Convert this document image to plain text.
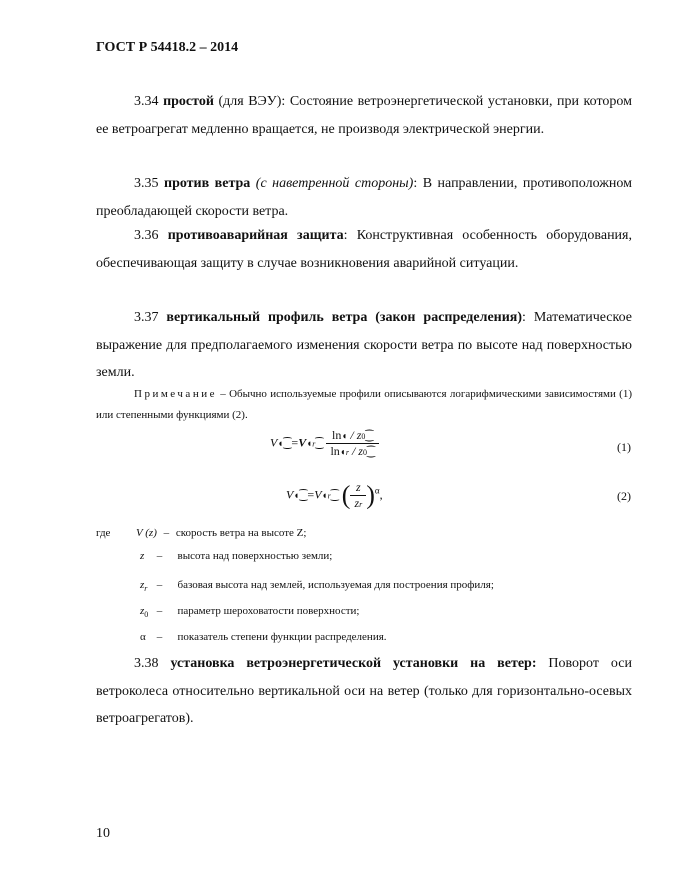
ГОСТ Р 54418.2 – 2014
3.34 простой (для ВЭУ): Состояние ветроэнергетической установки, при котором ее ветроагрегат медленно вращается, не производя электрической энергии.
3.35 против ветра (с наветренной стороны): В направлении, противоположном преобладающей скорости ветра.
3.36 противоаварийная защита: Конструктивная особенность оборудования, обеспечивающая защиту в случае возникновения аварийной ситуации.
3.37 вертикальный профиль ветра (закон распределения): Математическое выражение для предполагаемого изменения скорости ветра по высоте над поверхностью земли.
Примечание – Обычно используемые профили описываются логарифмическими зависимостями (1) или степенными функциями (2).
V◖⁐=V◖r⁐ $\frac{\ln◖ / z0⁐}{\ln◖r / z0⁐}$	(1)
V◖⁐=V◖r⁐ ( $\frac{z}{zr} )^\alpha$,	(2)
где V (z) – скорость ветра на высоте Z;
z – высота над поверхностью земли;
$z_r$ – базовая высота над землей, используемая для построения профиля;
$z_0$ – параметр шероховатости поверхности;
α – показатель степени функции распределения.
3.38 установка ветроэнергетической установки на ветер: Поворот оси ветроколеса относительно вертикальной оси на ветер (только для горизонтально-осевых ветроагрегатов).
10
